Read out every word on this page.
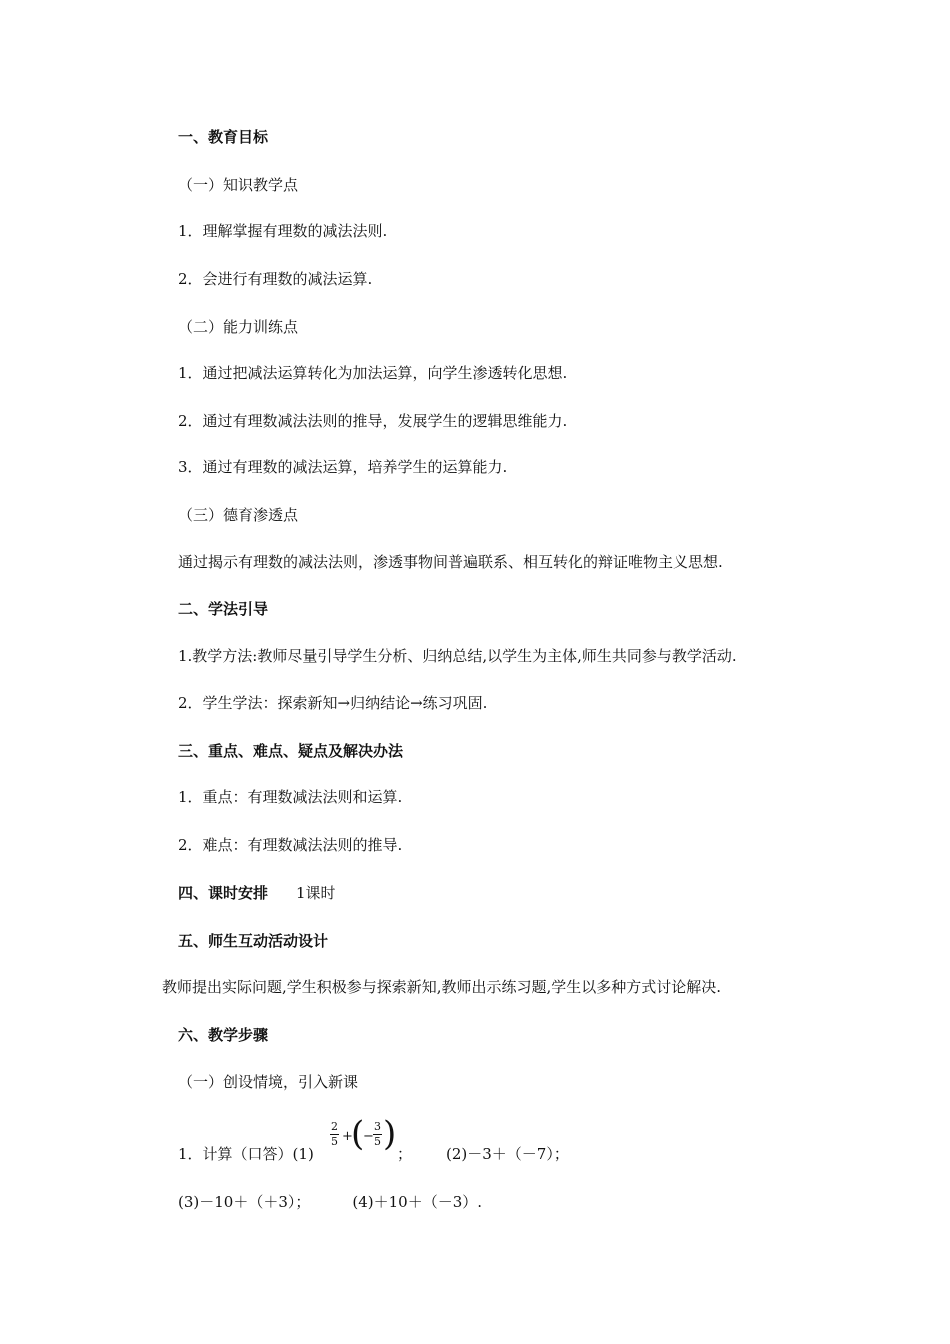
一、教育目标
（一）知识教学点
1．理解掌握有理数的减法法则.
2．会进行有理数的减法运算.
（二）能力训练点
1．通过把减法运算转化为加法运算，向学生渗透转化思想.
2．通过有理数减法法则的推导，发展学生的逻辑思维能力.
3．通过有理数的减法运算，培养学生的运算能力.
（三）德育渗透点
通过揭示有理数的减法法则，渗透事物间普遍联系、相互转化的辩证唯物主义思想.
二、学法引导
1.教学方法:教师尽量引导学生分析、归纳总结,以学生为主体,师生共同参与教学活动.
2．学生学法：探索新知→归纳结论→练习巩固.
三、重点、难点、疑点及解决办法
1．重点：有理数减法法则和运算.
2．难点：有理数减法法则的推导.
四、课时安排 1课时
五、师生互动活动设计
教师提出实际问题,学生积极参与探索新知,教师出示练习题,学生以多种方式讨论解决.
六、教学步骤
（一）创设情境，引入新课
1．计算（口答）(1)
2
5 +
(
−
3
5 ) ； (2)－3＋（－7）；
(3)－10＋（＋3）；	(4)＋10＋（－3）.
